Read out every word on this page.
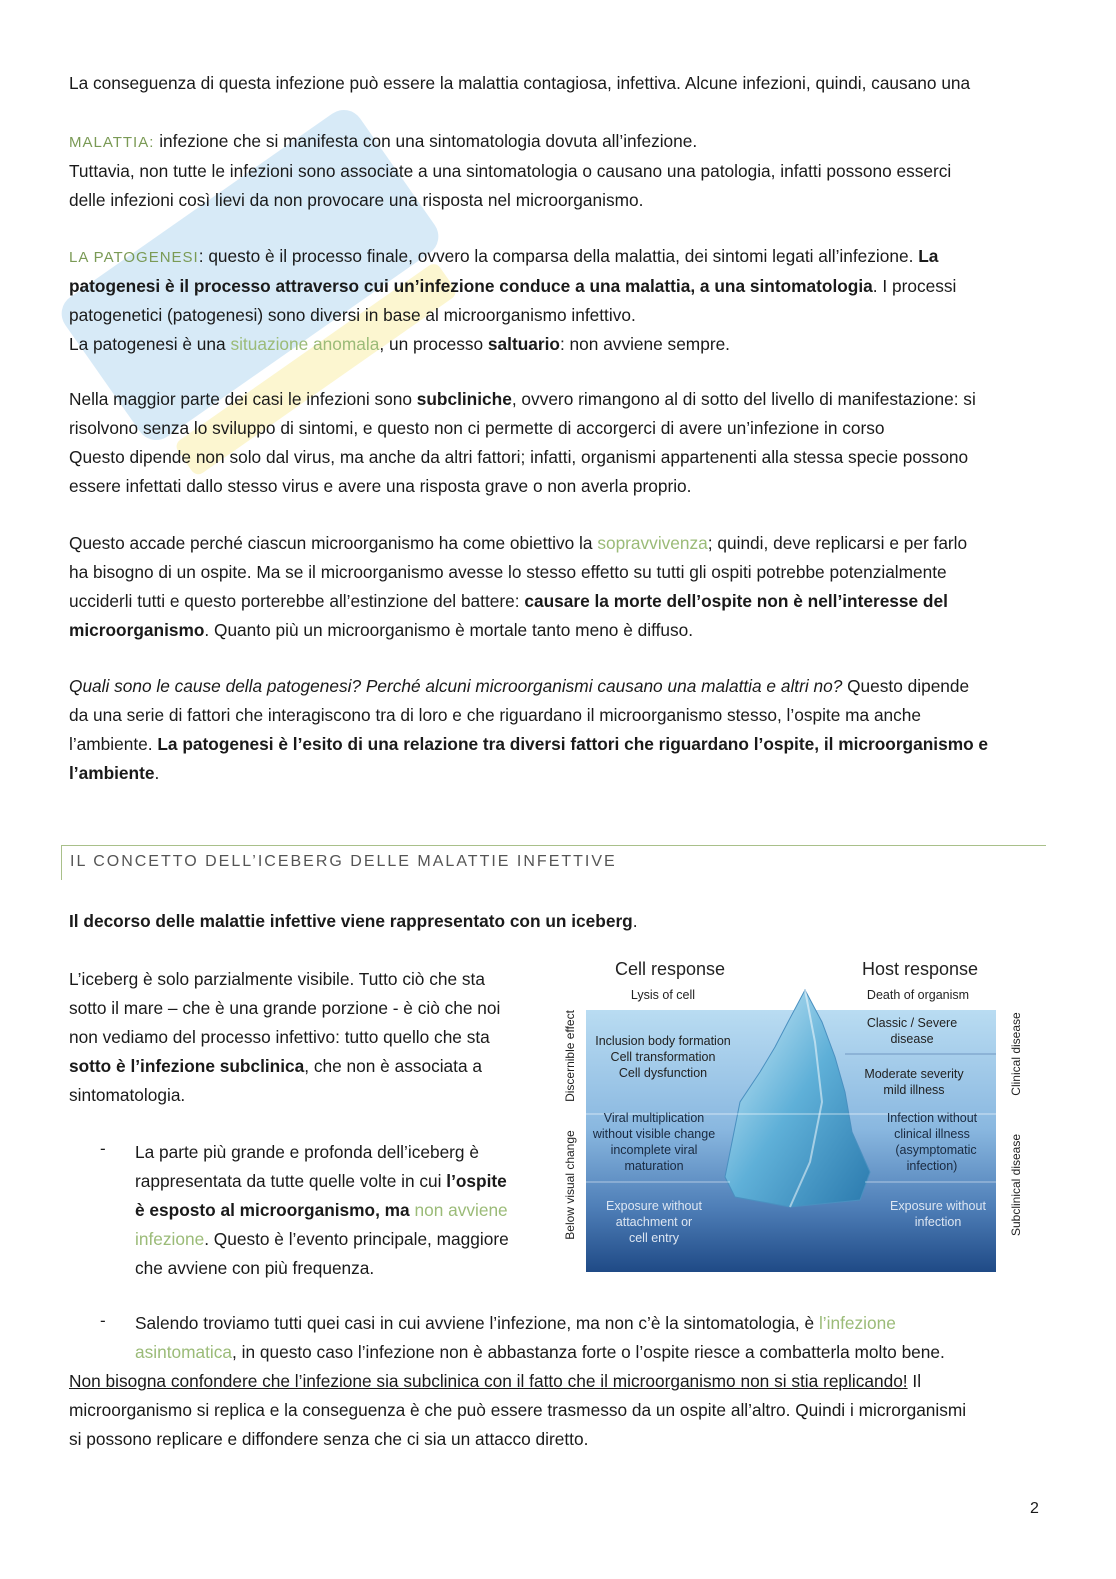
La conseguenza di questa infezione può essere la malattia contagiosa, infettiva. Alcune infezioni, quindi, causano una

MALATTIA: infezione che si manifesta con una sintomatologia dovuta all’infezione.
Tuttavia, non tutte le infezioni sono associate a una sintomatologia o causano una patologia, infatti possono esserci
delle infezioni così lievi da non provocare una risposta nel microorganismo.

LA PATOGENESI: questo è il processo finale, ovvero la comparsa della malattia, dei sintomi legati all’infezione. La
patogenesi è il processo attraverso cui un’infezione conduce a una malattia, a una sintomatologia. I processi
patogenetici (patogenesi) sono diversi in base al microorganismo infettivo.
La patogenesi è una situazione anomala, un processo saltuario: non avviene sempre.

Nella maggior parte dei casi le infezioni sono subcliniche, ovvero rimangono al di sotto del livello di manifestazione: si
risolvono senza lo sviluppo di sintomi, e questo non ci permette di accorgerci di avere un’infezione in corso
Questo dipende non solo dal virus, ma anche da altri fattori; infatti, organismi appartenenti alla stessa specie possono
essere infettati dallo stesso virus e avere una risposta grave o non averla proprio.

Questo accade perché ciascun microorganismo ha come obiettivo la sopravvivenza; quindi, deve replicarsi e per farlo
ha bisogno di un ospite. Ma se il microorganismo avesse lo stesso effetto su tutti gli ospiti potrebbe potenzialmente
ucciderli tutti e questo porterebbe all’estinzione del battere: causare la morte dell’ospite non è nell’interesse del
microorganismo. Quanto più un microorganismo è mortale tanto meno è diffuso.

Quali sono le cause della patogenesi? Perché alcuni microorganismi causano una malattia e altri no? Questo dipende
da una serie di fattori che interagiscono tra di loro e che riguardano il microorganismo stesso, l’ospite ma anche
l’ambiente. La patogenesi è l’esito di una relazione tra diversi fattori che riguardano l’ospite, il microorganismo e
l’ambiente.

IL CONCETTO DELL’ICEBERG DELLE MALATTIE INFETTIVE

Il decorso delle malattie infettive viene rappresentato con un iceberg.

L’iceberg è solo parzialmente visibile. Tutto ciò che sta
sotto il mare – che è una grande porzione - è ciò che noi
non vediamo del processo infettivo: tutto quello che sta
sotto è l’infezione subclinica, che non è associata a
sintomatologia.

- La parte più grande e profonda dell’iceberg è
rappresentata da tutte quelle volte in cui l’ospite
è esposto al microorganismo, ma non avviene
infezione. Questo è l’evento principale, maggiore
che avviene con più frequenza.

Cell response	Host response
Lysis of cell	Death of organism
Inclusion body formation
Cell transformation
Cell dysfunction
Viral multiplication
without visible change
incomplete viral
maturation
Exposure without
attachment or
cell entry
Classic / Severe
disease
Moderate severity
mild illness
Infection without
clinical illness
(asymptomatic
infection)
Exposure without
infection
Discernible effect
Below visual change
Clinical disease
Subclinical disease
- Salendo troviamo tutti quei casi in cui avviene l’infezione, ma non c’è la sintomatologia, è l’infezione
asintomatica, in questo caso l’infezione non è abbastanza forte o l’ospite riesce a combatterla molto bene.

Non bisogna confondere che l’infezione sia subclinica con il fatto che il microorganismo non si stia replicando! Il
microorganismo si replica e la conseguenza è che può essere trasmesso da un ospite all’altro. Quindi i microrganismi
si possono replicare e diffondere senza che ci sia un attacco diretto.

2
